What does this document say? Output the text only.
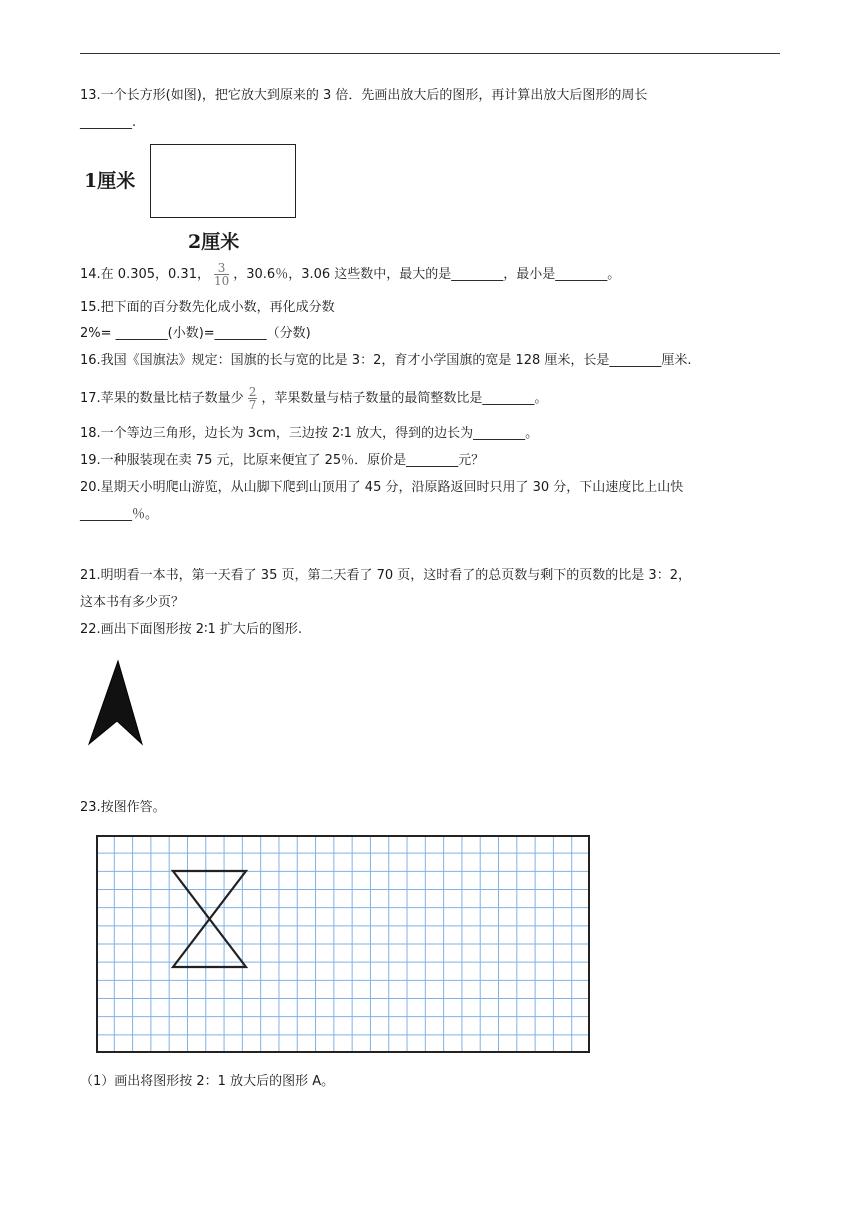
13.一个长方形(如图)，把它放大到原来的 3 倍．先画出放大后的图形，再计算出放大后图形的周长
________.
1厘米
2厘米
14.在 0.305，0.31， $\frac{3}{10}$ ，30.6％，3.06 这些数中，最大的是________，最小是________。
15.把下面的百分数先化成小数，再化成分数
2%= ________(小数)=________（分数)
16.我国《国旗法》规定：国旗的长与宽的比是 3：2，育才小学国旗的宽是 128 厘米，长是________厘米.
17.苹果的数量比桔子数量少 $\frac{2}{7}$ ，苹果数量与桔子数量的最简整数比是________。
18.一个等边三角形，边长为 3cm，三边按 2∶1 放大，得到的边长为________。
19.一种服装现在卖 75 元，比原来便宜了 25％．原价是________元？
20.星期天小明爬山游览，从山脚下爬到山顶用了 45 分，沿原路返回时只用了 30 分，下山速度比上山快
________％。
21.明明看一本书，第一天看了 35 页，第二天看了 70 页，这时看了的总页数与剩下的页数的比是 3：2，
这本书有多少页？
22.画出下面图形按 2∶1 扩大后的图形.
23.按图作答。
（1）画出将图形按 2：1 放大后的图形 A。
